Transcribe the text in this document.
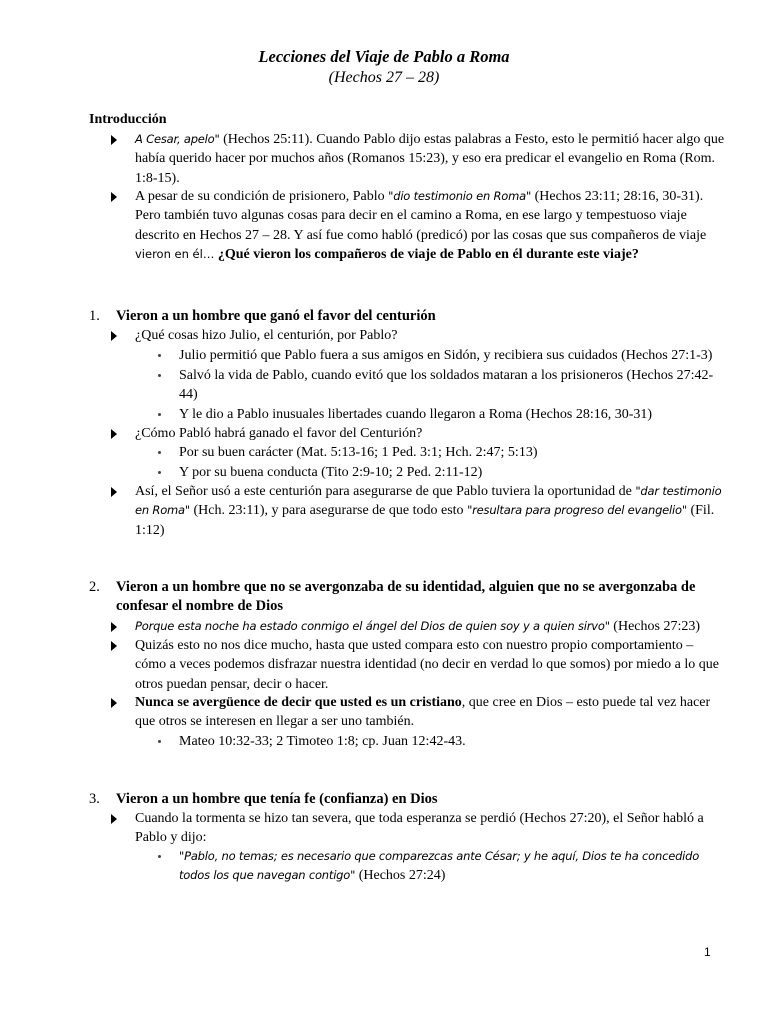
Lecciones del Viaje de Pablo a Roma
(Hechos 27 – 28)
Introducción
A Cesar, apelo" (Hechos 25:11). Cuando Pablo dijo estas palabras a Festo, esto le permitió hacer algo que había querido hacer por muchos años (Romanos 15:23), y eso era predicar el evangelio en Roma (Rom. 1:8-15).
A pesar de su condición de prisionero, Pablo "dio testimonio en Roma" (Hechos 23:11; 28:16, 30-31). Pero también tuvo algunas cosas para decir en el camino a Roma, en ese largo y tempestuoso viaje descrito en Hechos 27 – 28. Y así fue como habló (predicó) por las cosas que sus compañeros de viaje vieron en él… ¿Qué vieron los compañeros de viaje de Pablo en él durante este viaje?
1. Vieron a un hombre que ganó el favor del centurión
¿Qué cosas hizo Julio, el centurión, por Pablo?
Julio permitió que Pablo fuera a sus amigos en Sidón, y recibiera sus cuidados (Hechos 27:1-3)
Salvó la vida de Pablo, cuando evitó que los soldados mataran a los prisioneros (Hechos 27:42-44)
Y le dio a Pablo inusuales libertades cuando llegaron a Roma (Hechos 28:16, 30-31)
¿Cómo Pabló habrá ganado el favor del Centurión?
Por su buen carácter (Mat. 5:13-16; 1 Ped. 3:1; Hch. 2:47; 5:13)
Y por su buena conducta (Tito 2:9-10; 2 Ped. 2:11-12)
Así, el Señor usó a este centurión para asegurarse de que Pablo tuviera la oportunidad de "dar testimonio en Roma" (Hch. 23:11), y para asegurarse de que todo esto "resultara para progreso del evangelio" (Fil. 1:12)
2. Vieron a un hombre que no se avergonzaba de su identidad, alguien que no se avergonzaba de confesar el nombre de Dios
Porque esta noche ha estado conmigo el ángel del Dios de quien soy y a quien sirvo" (Hechos 27:23)
Quizás esto no nos dice mucho, hasta que usted compara esto con nuestro propio comportamiento – cómo a veces podemos disfrazar nuestra identidad (no decir en verdad lo que somos) por miedo a lo que otros puedan pensar, decir o hacer.
Nunca se avergüence de decir que usted es un cristiano, que cree en Dios – esto puede tal vez hacer que otros se interesen en llegar a ser uno también.
Mateo 10:32-33; 2 Timoteo 1:8; cp. Juan 12:42-43.
3. Vieron a un hombre que tenía fe (confianza) en Dios
Cuando la tormenta se hizo tan severa, que toda esperanza se perdió (Hechos 27:20), el Señor habló a Pablo y dijo:
"Pablo, no temas; es necesario que comparezcas ante César; y he aquí, Dios te ha concedido todos los que navegan contigo" (Hechos 27:24)
1
